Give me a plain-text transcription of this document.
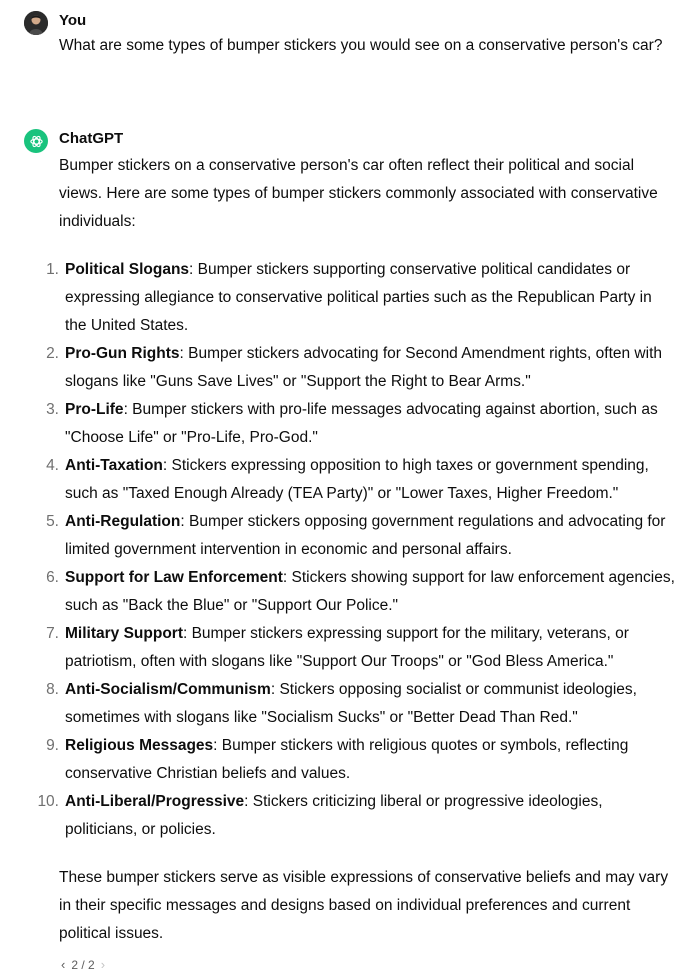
You

What are some types of bumper stickers you would see on a conservative person's car?

ChatGPT

Bumper stickers on a conservative person's car often reflect their political and social views. Here are some types of bumper stickers commonly associated with conservative individuals:

1. Political Slogans: Bumper stickers supporting conservative political candidates or expressing allegiance to conservative political parties such as the Republican Party in the United States.
2. Pro-Gun Rights: Bumper stickers advocating for Second Amendment rights, often with slogans like "Guns Save Lives" or "Support the Right to Bear Arms."
3. Pro-Life: Bumper stickers with pro-life messages advocating against abortion, such as "Choose Life" or "Pro-Life, Pro-God."
4. Anti-Taxation: Stickers expressing opposition to high taxes or government spending, such as "Taxed Enough Already (TEA Party)" or "Lower Taxes, Higher Freedom."
5. Anti-Regulation: Bumper stickers opposing government regulations and advocating for limited government intervention in economic and personal affairs.
6. Support for Law Enforcement: Stickers showing support for law enforcement agencies, such as "Back the Blue" or "Support Our Police."
7. Military Support: Bumper stickers expressing support for the military, veterans, or patriotism, often with slogans like "Support Our Troops" or "God Bless America."
8. Anti-Socialism/Communism: Stickers opposing socialist or communist ideologies, sometimes with slogans like "Socialism Sucks" or "Better Dead Than Red."
9. Religious Messages: Bumper stickers with religious quotes or symbols, reflecting conservative Christian beliefs and values.
10. Anti-Liberal/Progressive: Stickers criticizing liberal or progressive ideologies, politicians, or policies.

These bumper stickers serve as visible expressions of conservative beliefs and may vary in their specific messages and designs based on individual preferences and current political issues.

‹ 2 / 2 ›
